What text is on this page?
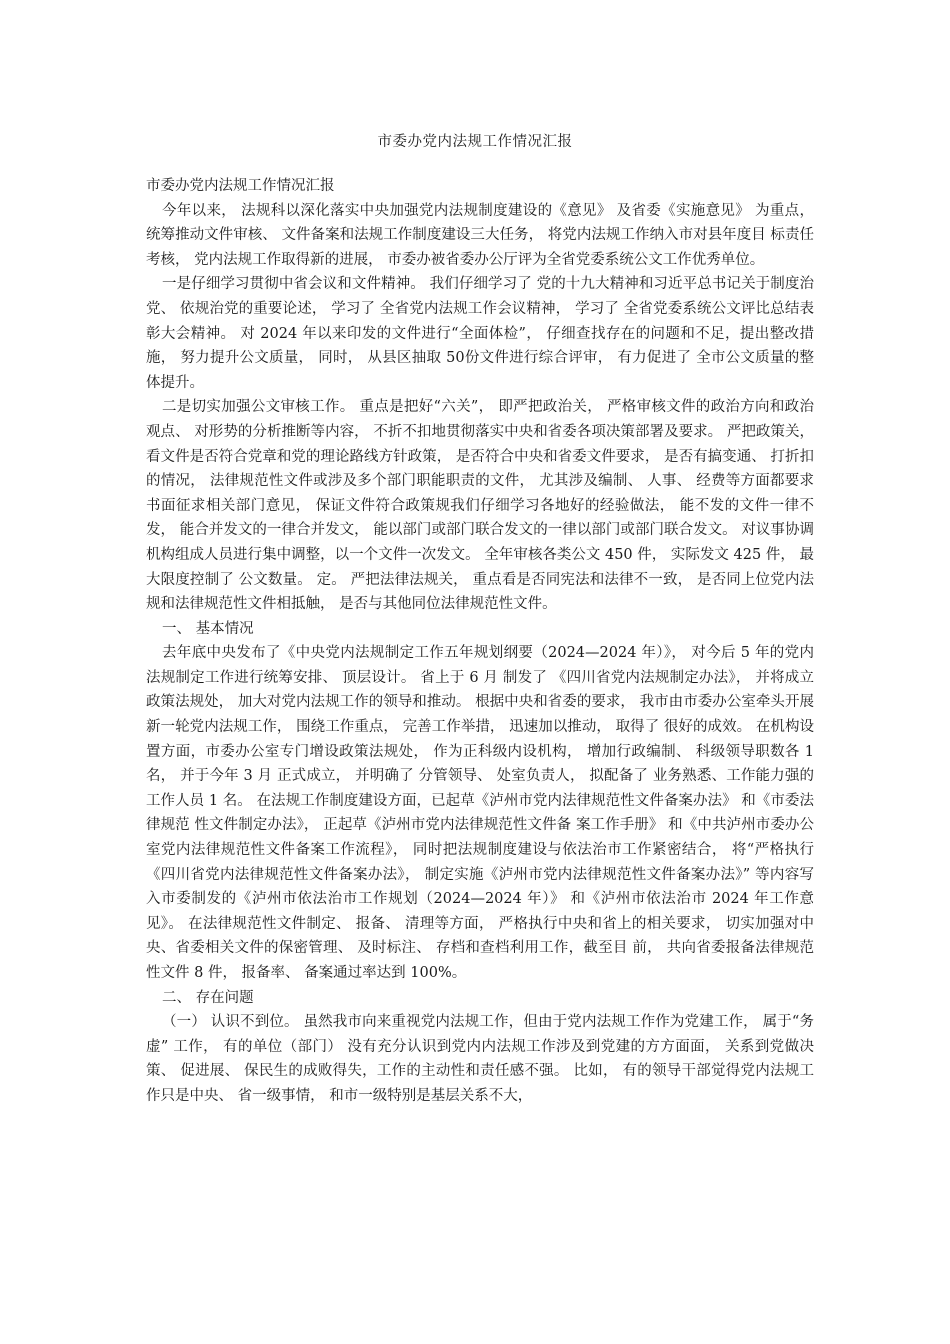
市委办党内法规工作情况汇报

市委办党内法规工作情况汇报

今年以来， 法规科以深化落实中央加强党内法规制度建设的《意见》 及省委《实施意见》 为重点， 统筹推动文件审核、 文件备案和法规工作制度建设三大任务， 将党内法规工作纳入市对县年度目 标责任考核， 党内法规工作取得新的进展， 市委办被省委办公厅评为全省党委系统公文工作优秀单位。

一是仔细学习贯彻中省会议和文件精神。 我们仔细学习了 党的十九大精神和习近平总书记关于制度治党、 依规治党的重要论述， 学习了 全省党内法规工作会议精神， 学习了 全省党委系统公文评比总结表彰大会精神。 对 2024 年以来印发的文件进行“全面体检”， 仔细查找存在的问题和不足，提出整改措施， 努力提升公文质量， 同时， 从县区抽取 50份文件进行综合评审， 有力促进了 全市公文质量的整体提升。

二是切实加强公文审核工作。 重点是把好“六关”， 即严把政治关， 严格审核文件的政治方向和政治观点、 对形势的分析推断等内容， 不折不扣地贯彻落实中央和省委各项决策部署及要求。 严把政策关， 看文件是否符合党章和党的理论路线方针政策， 是否符合中央和省委文件要求， 是否有搞变通、 打折扣的情况， 法律规范性文件或涉及多个部门职能职责的文件， 尤其涉及编制、 人事、 经费等方面都要求书面征求相关部门意见， 保证文件符合政策规我们仔细学习各地好的经验做法， 能不发的文件一律不发， 能合并发文的一律合并发文， 能以部门或部门联合发文的一律以部门或部门联合发文。 对议事协调机构组成人员进行集中调整，以一个文件一次发文。 全年审核各类公文 450 件， 实际发文 425 件， 最大限度控制了 公文数量。 定。 严把法律法规关， 重点看是否同宪法和法律不一致， 是否同上位党内法规和法律规范性文件相抵触， 是否与其他同位法律规范性文件。

一、 基本情况

去年底中央发布了《中央党内法规制定工作五年规划纲要（2024—2024 年）》， 对今后 5 年的党内法规制定工作进行统筹安排、 顶层设计。 省上于 6 月 制发了 《四川省党内法规制定办法》， 并将成立政策法规处， 加大对党内法规工作的领导和推动。 根据中央和省委的要求， 我市由市委办公室牵头开展新一轮党内法规工作， 围绕工作重点， 完善工作举措， 迅速加以推动， 取得了 很好的成效。 在机构设置方面，市委办公室专门增设政策法规处， 作为正科级内设机构， 增加行政编制、 科级领导职数各 1 名， 并于今年 3 月 正式成立， 并明确了 分管领导、 处室负责人， 拟配备了 业务熟悉、工作能力强的工作人员 1 名。 在法规工作制度建设方面，已起草《泸州市党内法律规范性文件备案办法》 和《市委法律规范 性文件制定办法》， 正起草《泸州市党内法律规范性文件备 案工作手册》 和《中共泸州市委办公室党内法律规范性文件备案工作流程》， 同时把法规制度建设与依法治市工作紧密结合， 将“严格执行《四川省党内法律规范性文件备案办法》， 制定实施《泸州市党内法律规范性文件备案办法》” 等内容写入市委制发的《泸州市依法治市工作规划（2024—2024 年）》 和《泸州市依法治市 2024 年工作意见》。 在法律规范性文件制定、 报备、 清理等方面， 严格执行中央和省上的相关要求， 切实加强对中央、省委相关文件的保密管理、 及时标注、 存档和查档利用工作，截至目 前， 共向省委报备法律规范性文件 8 件， 报备率、 备案通过率达到 100%。

二、 存在问题

（一） 认识不到位。 虽然我市向来重视党内法规工作，但由于党内法规工作作为党建工作， 属于“务虚” 工作， 有的单位（部门） 没有充分认识到党内内法规工作涉及到党建的方方面面， 关系到党做决策、 促进展、 保民生的成败得失，工作的主动性和责任感不强。 比如， 有的领导干部觉得党内法规工作只是中央、 省一级事情， 和市一级特别是基层关系不大，
